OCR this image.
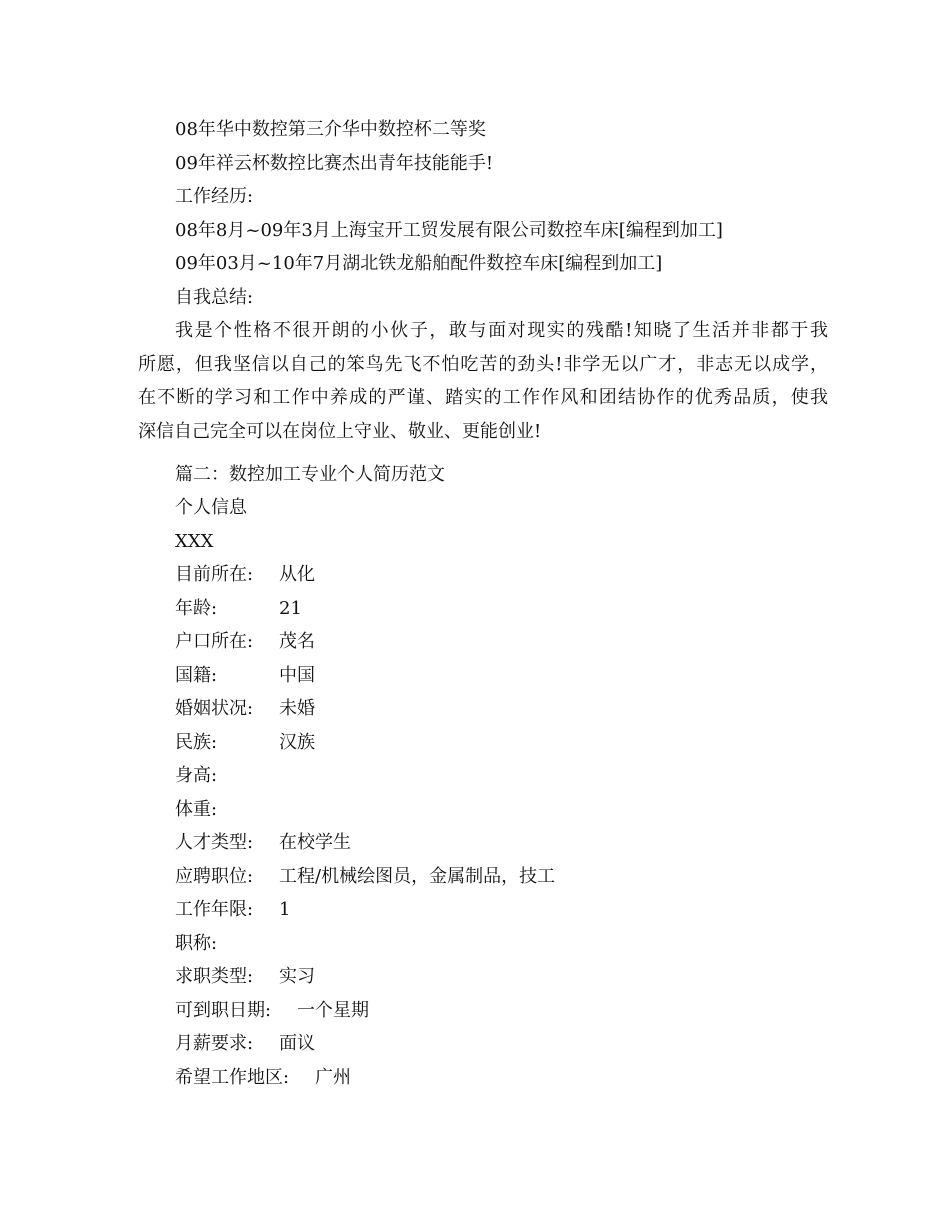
08年华中数控第三介华中数控杯二等奖
09年祥云杯数控比赛杰出青年技能能手!
工作经历:
08年8月~09年3月上海宝开工贸发展有限公司数控车床[编程到加工]
09年03月~10年7月湖北铁龙船舶配件数控车床[编程到加工]
自我总结:
我是个性格不很开朗的小伙子，敢与面对现实的残酷!知晓了生活并非都于我
所愿，但我坚信以自己的笨鸟先飞不怕吃苦的劲头!非学无以广才，非志无以成学，
在不断的学习和工作中养成的严谨、踏实的工作作风和团结协作的优秀品质，使我
深信自己完全可以在岗位上守业、敬业、更能创业!
篇二：数控加工专业个人简历范文
个人信息
XXX
目前所在: 从化
年龄:	21
户口所在: 茂名
国籍:	中国
婚姻状况: 未婚
民族:	汉族
身高:
体重:
人才类型: 在校学生
应聘职位: 工程/机械绘图员，金属制品，技工
工作年限: 1
职称:
求职类型: 实习
可到职日期: 一个星期
月薪要求: 面议
希望工作地区: 广州
